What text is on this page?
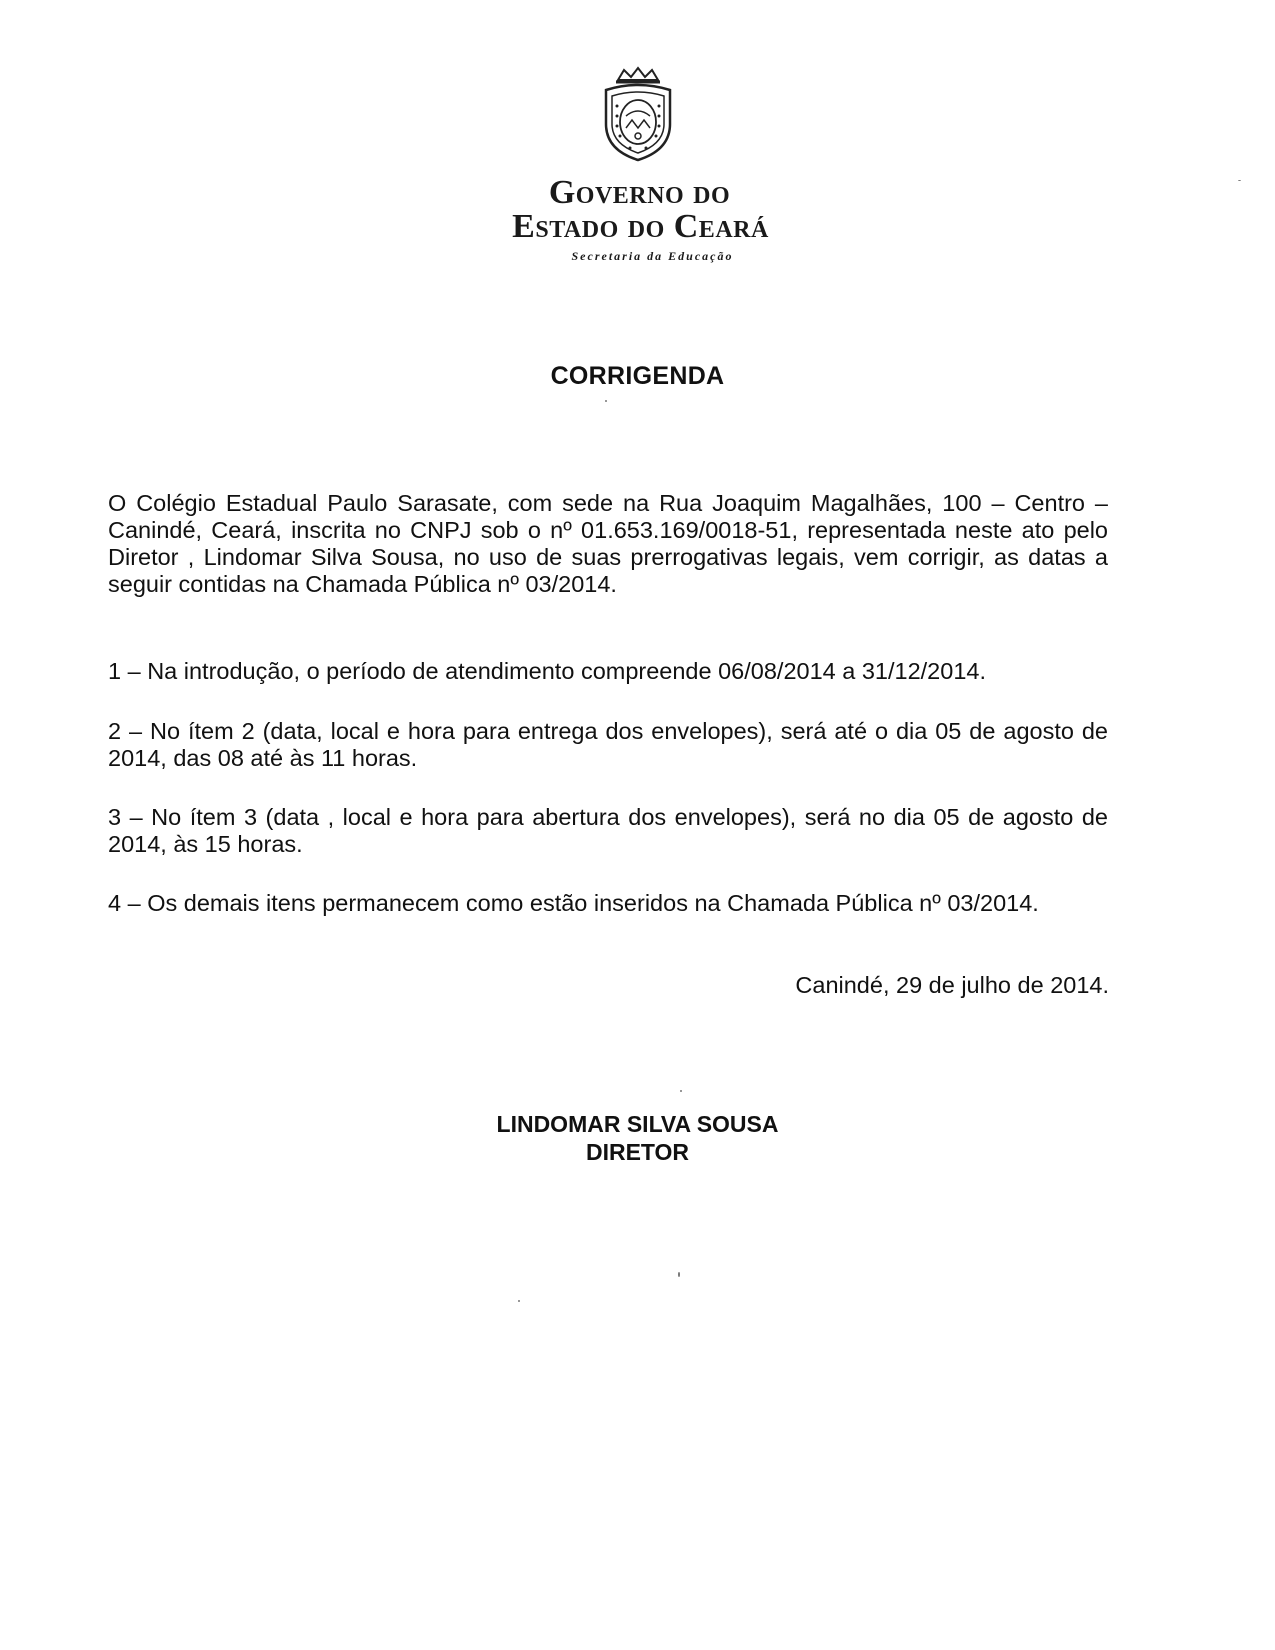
Governo do
Estado do Ceará
Secretaria da Educação
CORRIGENDA
O Colégio Estadual Paulo Sarasate, com sede na Rua Joaquim Magalhães, 100 – Centro – Canindé, Ceará, inscrita no CNPJ sob o nº 01.653.169/0018-51, representada neste ato pelo Diretor , Lindomar Silva Sousa, no uso de suas prerrogativas legais, vem corrigir, as datas a seguir contidas na Chamada Pública nº 03/2014.
1 – Na introdução, o período de atendimento compreende 06/08/2014 a 31/12/2014.
2 – No ítem 2 (data, local e hora para entrega dos envelopes), será até o dia 05 de agosto de 2014, das 08 até às 11 horas.
3 – No ítem 3 (data , local e hora para abertura dos envelopes), será no dia 05 de agosto de 2014, às 15 horas.
4 – Os demais itens permanecem como estão inseridos na Chamada Pública nº 03/2014.
Canindé, 29 de julho de 2014.
LINDOMAR SILVA SOUSA
DIRETOR
